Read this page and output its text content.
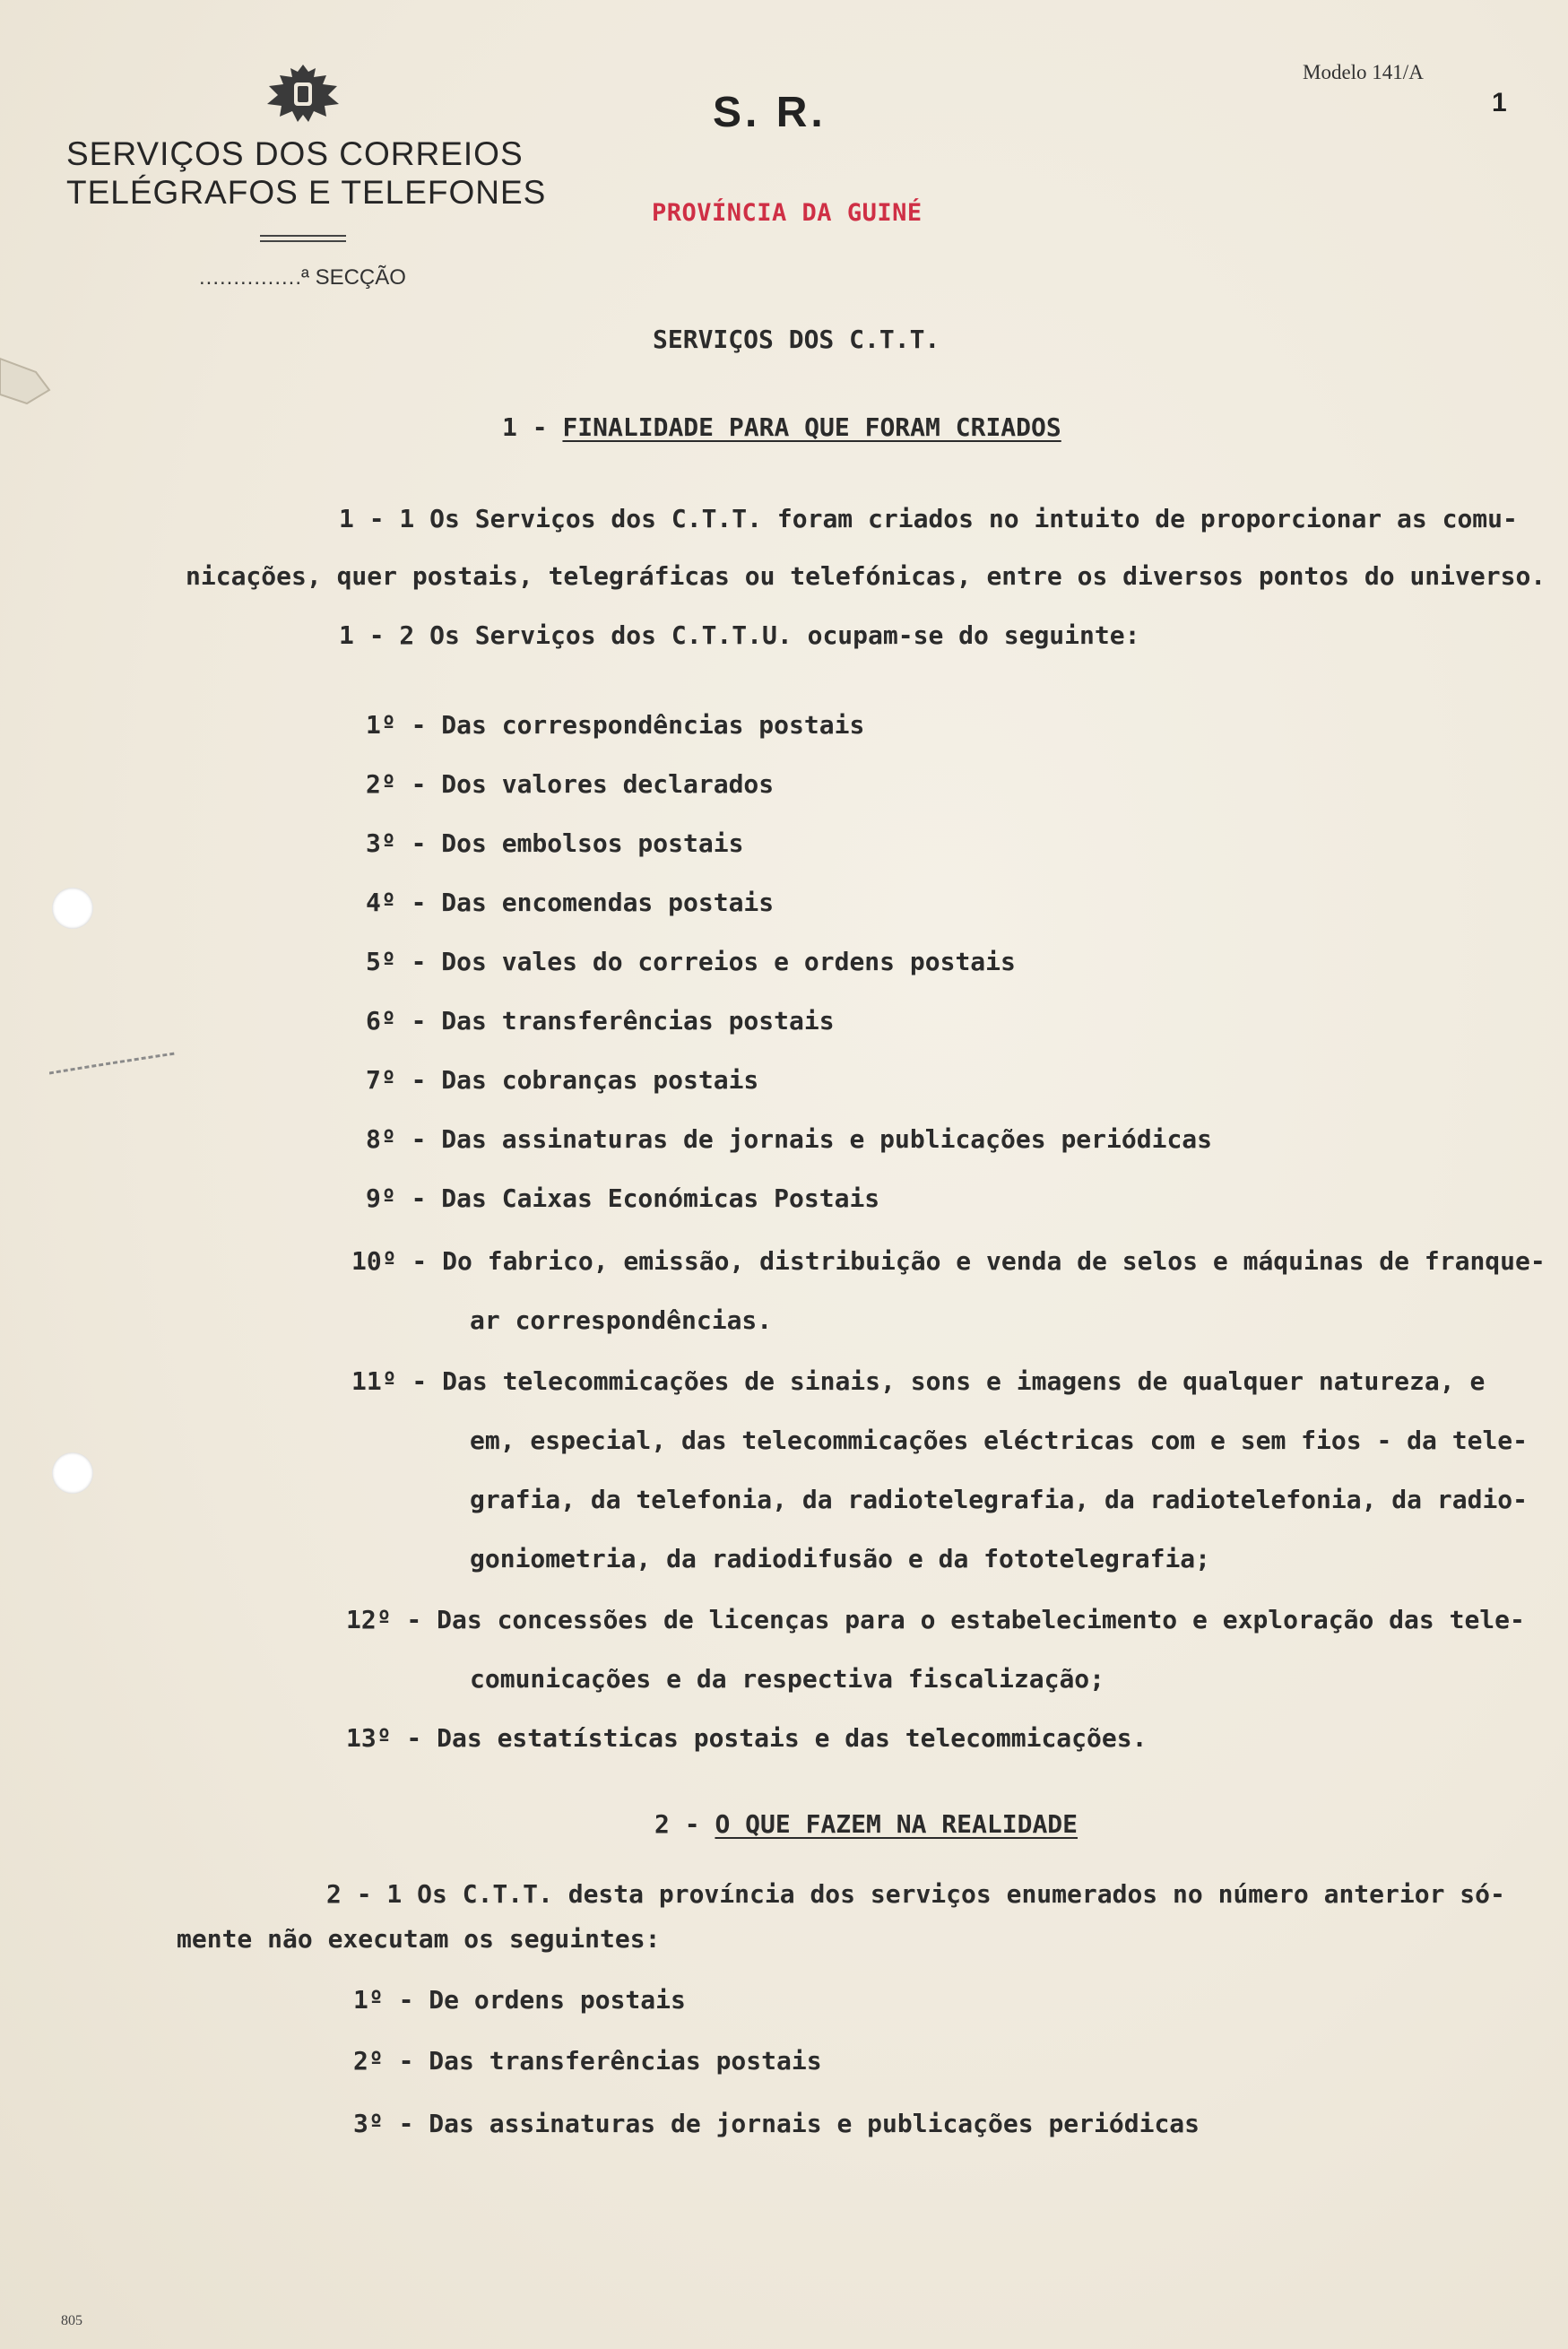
SERVIÇOS DOS CORREIOS
TELÉGRAFOS E TELEFONES
...............ª SECÇÃO
S. R.
Modelo 141/A
1
PROVÍNCIA DA GUINÉ
SERVIÇOS DOS C.T.T.
1 - FINALIDADE PARA QUE FORAM CRIADOS
1 - 1 Os Serviços dos C.T.T. foram criados no intuito de proporcionar as comu-
nicações, quer postais, telegráficas ou telefónicas, entre os diversos pontos do universo.
1 - 2 Os Serviços dos C.T.T.U. ocupam-se do seguinte:
1º - Das correspondências postais
2º - Dos valores declarados
3º - Dos embolsos postais
4º - Das encomendas postais
5º - Dos vales do correios e ordens postais
6º - Das transferências postais
7º - Das cobranças postais
8º - Das assinaturas de jornais e publicações periódicas
9º - Das Caixas Económicas Postais
10º - Do fabrico, emissão, distribuição e venda de selos e máquinas de franque-
ar correspondências.
11º - Das telecommicações de sinais, sons e imagens de qualquer natureza, e
em, especial, das telecommicações eléctricas com e sem fios - da tele-
grafia, da telefonia, da radiotelegrafia, da radiotelefonia, da radio-
goniometria, da radiodifusão e da fototelegrafia;
12º - Das concessões de licenças para o estabelecimento e exploração das tele-
comunicações e da respectiva fiscalização;
13º - Das estatísticas postais e das telecommicações.
2 - O QUE FAZEM NA REALIDADE
2 - 1 Os C.T.T. desta província dos serviços enumerados no número anterior só-
mente não executam os seguintes:
1º - De ordens postais
2º - Das transferências postais
3º - Das assinaturas de jornais e publicações periódicas
805
